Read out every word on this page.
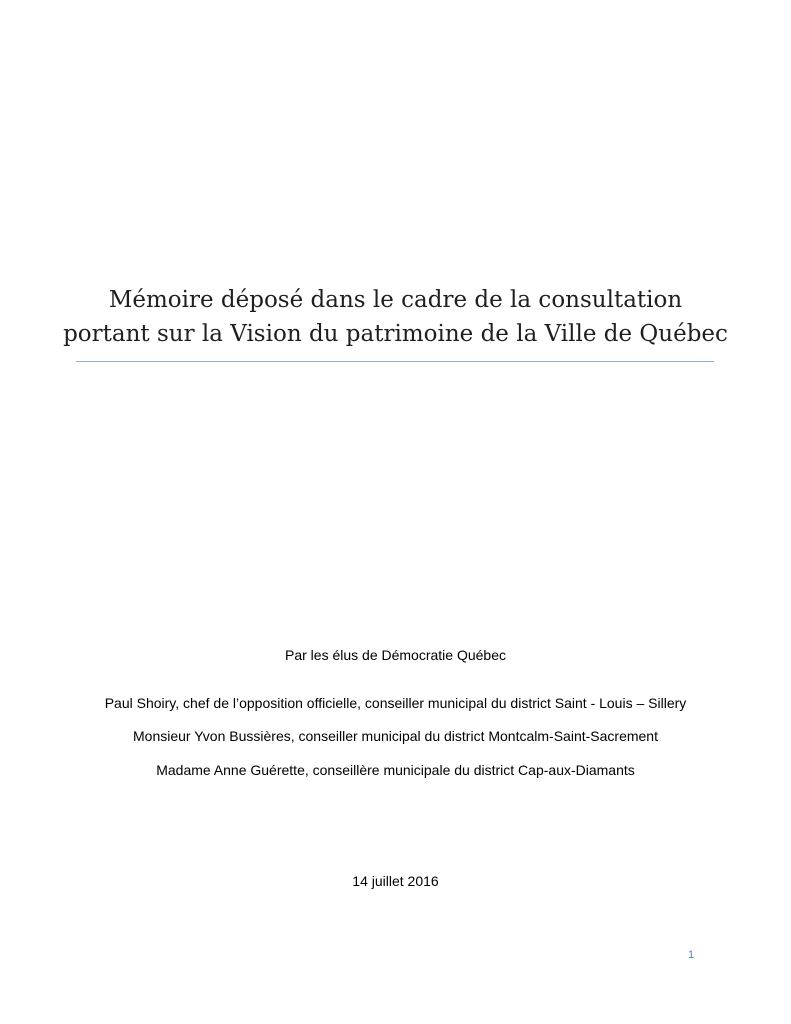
Mémoire déposé dans le cadre de la consultation
portant sur la Vision du patrimoine de la Ville de Québec
Par les élus de Démocratie Québec
Paul Shoiry, chef de l’opposition officielle, conseiller municipal du district Saint - Louis – Sillery
Monsieur Yvon Bussières, conseiller municipal du district Montcalm-Saint-Sacrement
Madame Anne Guérette, conseillère municipale du district Cap-aux-Diamants
14 juillet 2016
1
